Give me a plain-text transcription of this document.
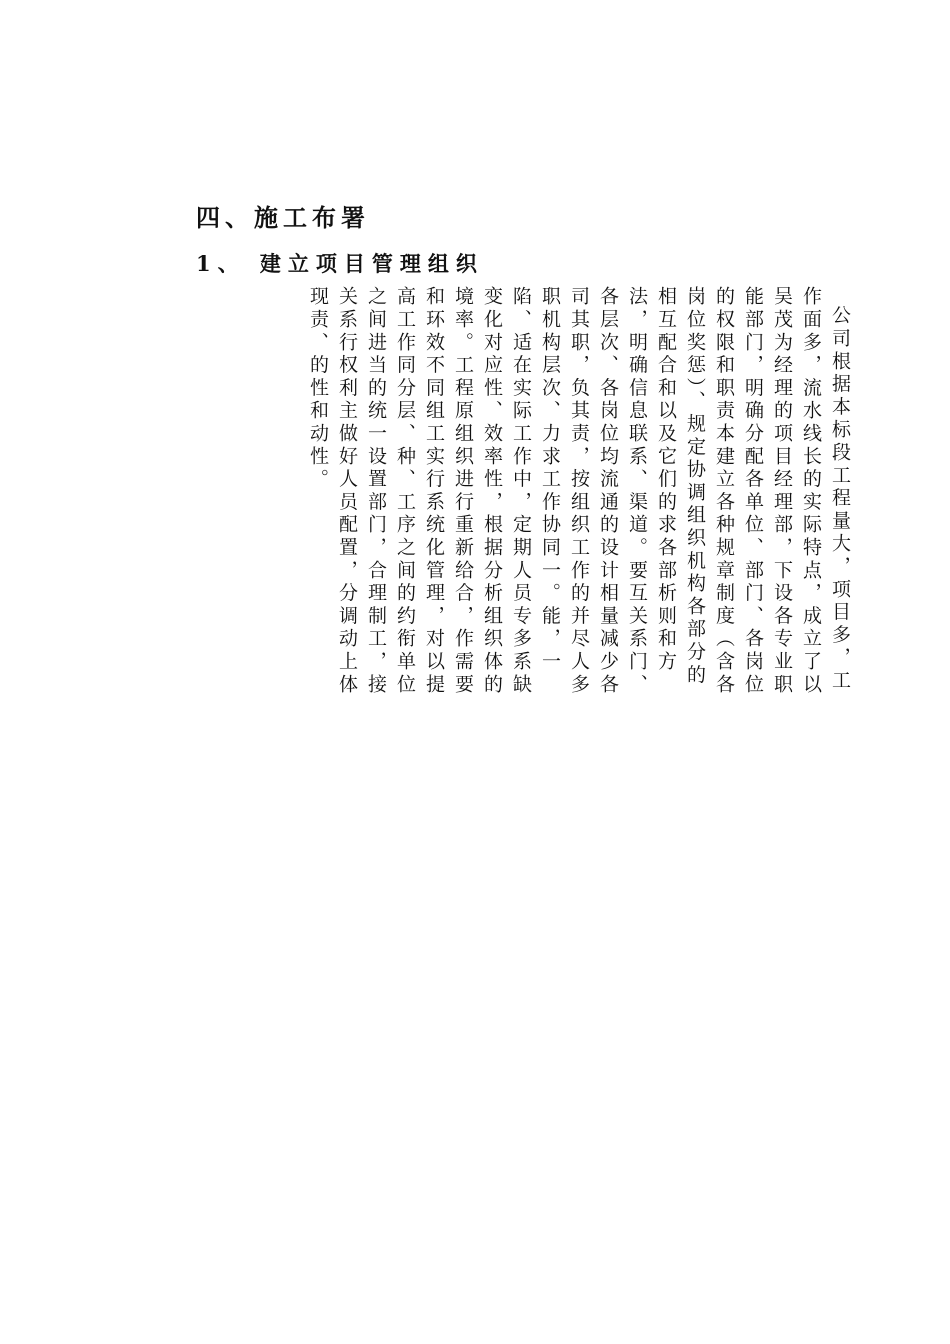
四、施工布署
1、 建立项目管理组织

公司根据本标段工程量大，项目多，工作面多，流水线长的实际特点，成立了以吴茂为经理的项目经理部，下设各专业职能部门，明确分配各单位、部门、各岗位的权限和职责本建立各种规章制度（含各岗位奖惩）、规定协调组织机构各部分的相互配合和以及它们的求各部析则和方法，明确信息联系、渠道。要互关系门、各层次、各岗位均流通的设计相量减少各司其职，负其责，按组织工作的并尽人多职机构层次、力求工作协同一。能，一陷、适在实际工作中，定期人员专多系缺变化对应性、效率性，根据分析组织体的境率。工程原组织进行重新给合，作需要和环效不同组工实行系统化管理，对以提高工作同分层、种、工序之间的约衔单位之间进当的统一设置部门，合理制工，接关系行权利主做好人员配置，分调动上体现责、的性和动性。
